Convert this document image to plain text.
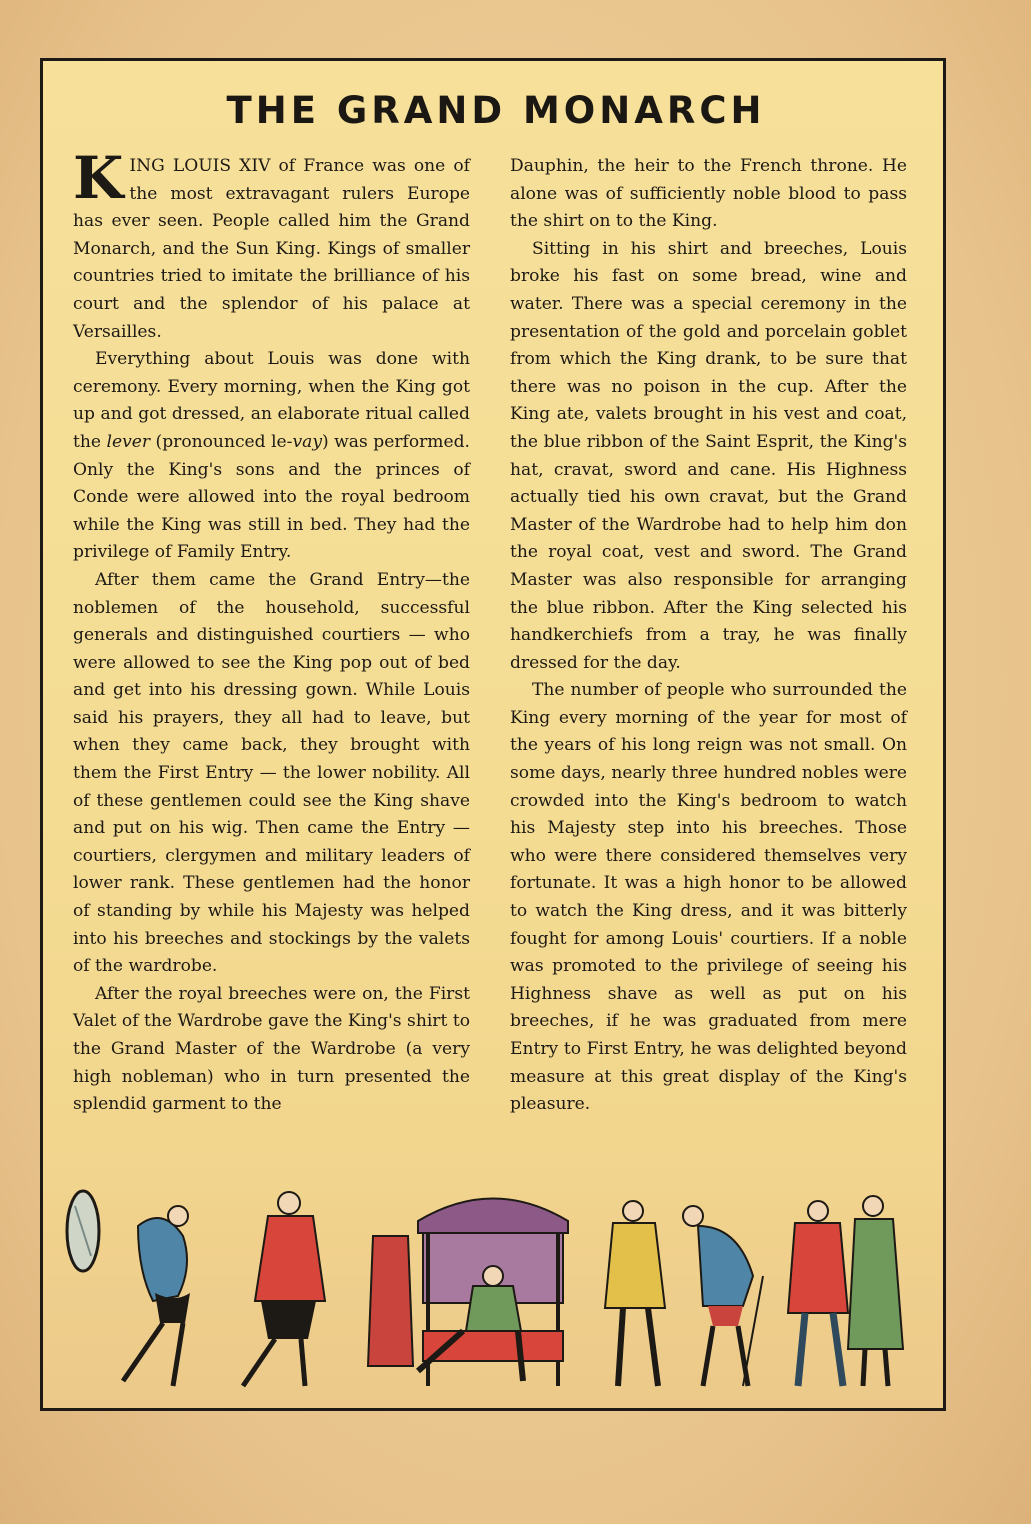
THE GRAND MONARCH

KING LOUIS XIV of France was one of the most extravagant rulers Europe has ever seen. People called him the Grand Monarch, and the Sun King. Kings of smaller countries tried to imitate the brilliance of his court and the splendor of his palace at Versailles.

Everything about Louis was done with ceremony. Every morning, when the King got up and got dressed, an elaborate ritual called the lever (pronounced le-vay) was performed. Only the King's sons and the princes of Conde were allowed into the royal bedroom while the King was still in bed. They had the privilege of Family Entry.

After them came the Grand Entry—the noblemen of the household, successful generals and distinguished courtiers — who were allowed to see the King pop out of bed and get into his dressing gown. While Louis said his prayers, they all had to leave, but when they came back, they brought with them the First Entry — the lower nobility. All of these gentlemen could see the King shave and put on his wig. Then came the Entry — courtiers, clergymen and military leaders of lower rank. These gentlemen had the honor of standing by while his Majesty was helped into his breeches and stockings by the valets of the wardrobe.

After the royal breeches were on, the First Valet of the Wardrobe gave the King's shirt to the Grand Master of the Wardrobe (a very high nobleman) who in turn presented the splendid garment to the

Dauphin, the heir to the French throne. He alone was of sufficiently noble blood to pass the shirt on to the King.

Sitting in his shirt and breeches, Louis broke his fast on some bread, wine and water. There was a special ceremony in the presentation of the gold and porcelain goblet from which the King drank, to be sure that there was no poison in the cup. After the King ate, valets brought in his vest and coat, the blue ribbon of the Saint Esprit, the King's hat, cravat, sword and cane. His Highness actually tied his own cravat, but the Grand Master of the Wardrobe had to help him don the royal coat, vest and sword. The Grand Master was also responsible for arranging the blue ribbon. After the King selected his handkerchiefs from a tray, he was finally dressed for the day.

The number of people who surrounded the King every morning of the year for most of the years of his long reign was not small. On some days, nearly three hundred nobles were crowded into the King's bedroom to watch his Majesty step into his breeches. Those who were there considered themselves very fortunate. It was a high honor to be allowed to watch the King dress, and it was bitterly fought for among Louis' courtiers. If a noble was promoted to the privilege of seeing his Highness shave as well as put on his breeches, if he was graduated from mere Entry to First Entry, he was delighted beyond measure at this great display of the King's pleasure.
